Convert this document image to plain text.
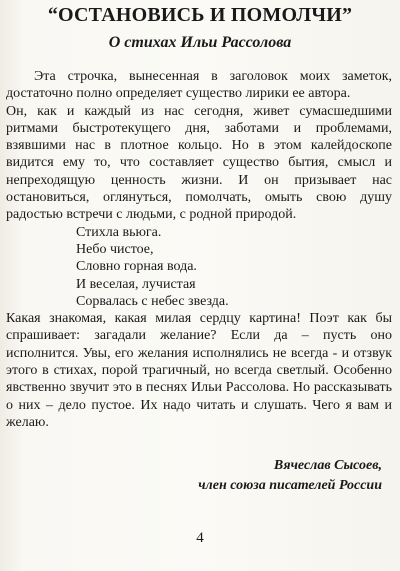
“ОСТАНОВИСЬ И ПОМОЛЧИ”
О стихах Ильи Рассолова

Эта строчка, вынесенная в заголовок моих заметок, достаточно полно определяет существо лирики ее автора.

Он, как и каждый из нас сегодня, живет сумасшедшими ритмами быстротекущего дня, заботами и проблемами, взявшими нас в плотное кольцо. Но в этом калейдоскопе видится ему то, что составляет существо бытия, смысл и непреходящую ценность жизни. И он призывает нас остановиться, оглянуться, помолчать, омыть свою душу радостью встречи с людьми, с родной природой.

Стихла вьюга.
Небо чистое,
Словно горная вода.
И веселая, лучистая
Сорвалась с небес звезда.

Какая знакомая, какая милая сердцу картина! Поэт как бы спрашивает: загадали желание? Если да – пусть оно исполнится. Увы, его желания исполнялись не всегда - и отзвук этого в стихах, порой трагичный, но всегда светлый. Особенно явственно звучит это в песнях Ильи Рассолова. Но рассказывать о них – дело пустое. Их надо читать и слушать. Чего я вам и желаю.

Вячеслав Сысоев,
член союза писателей России
4
